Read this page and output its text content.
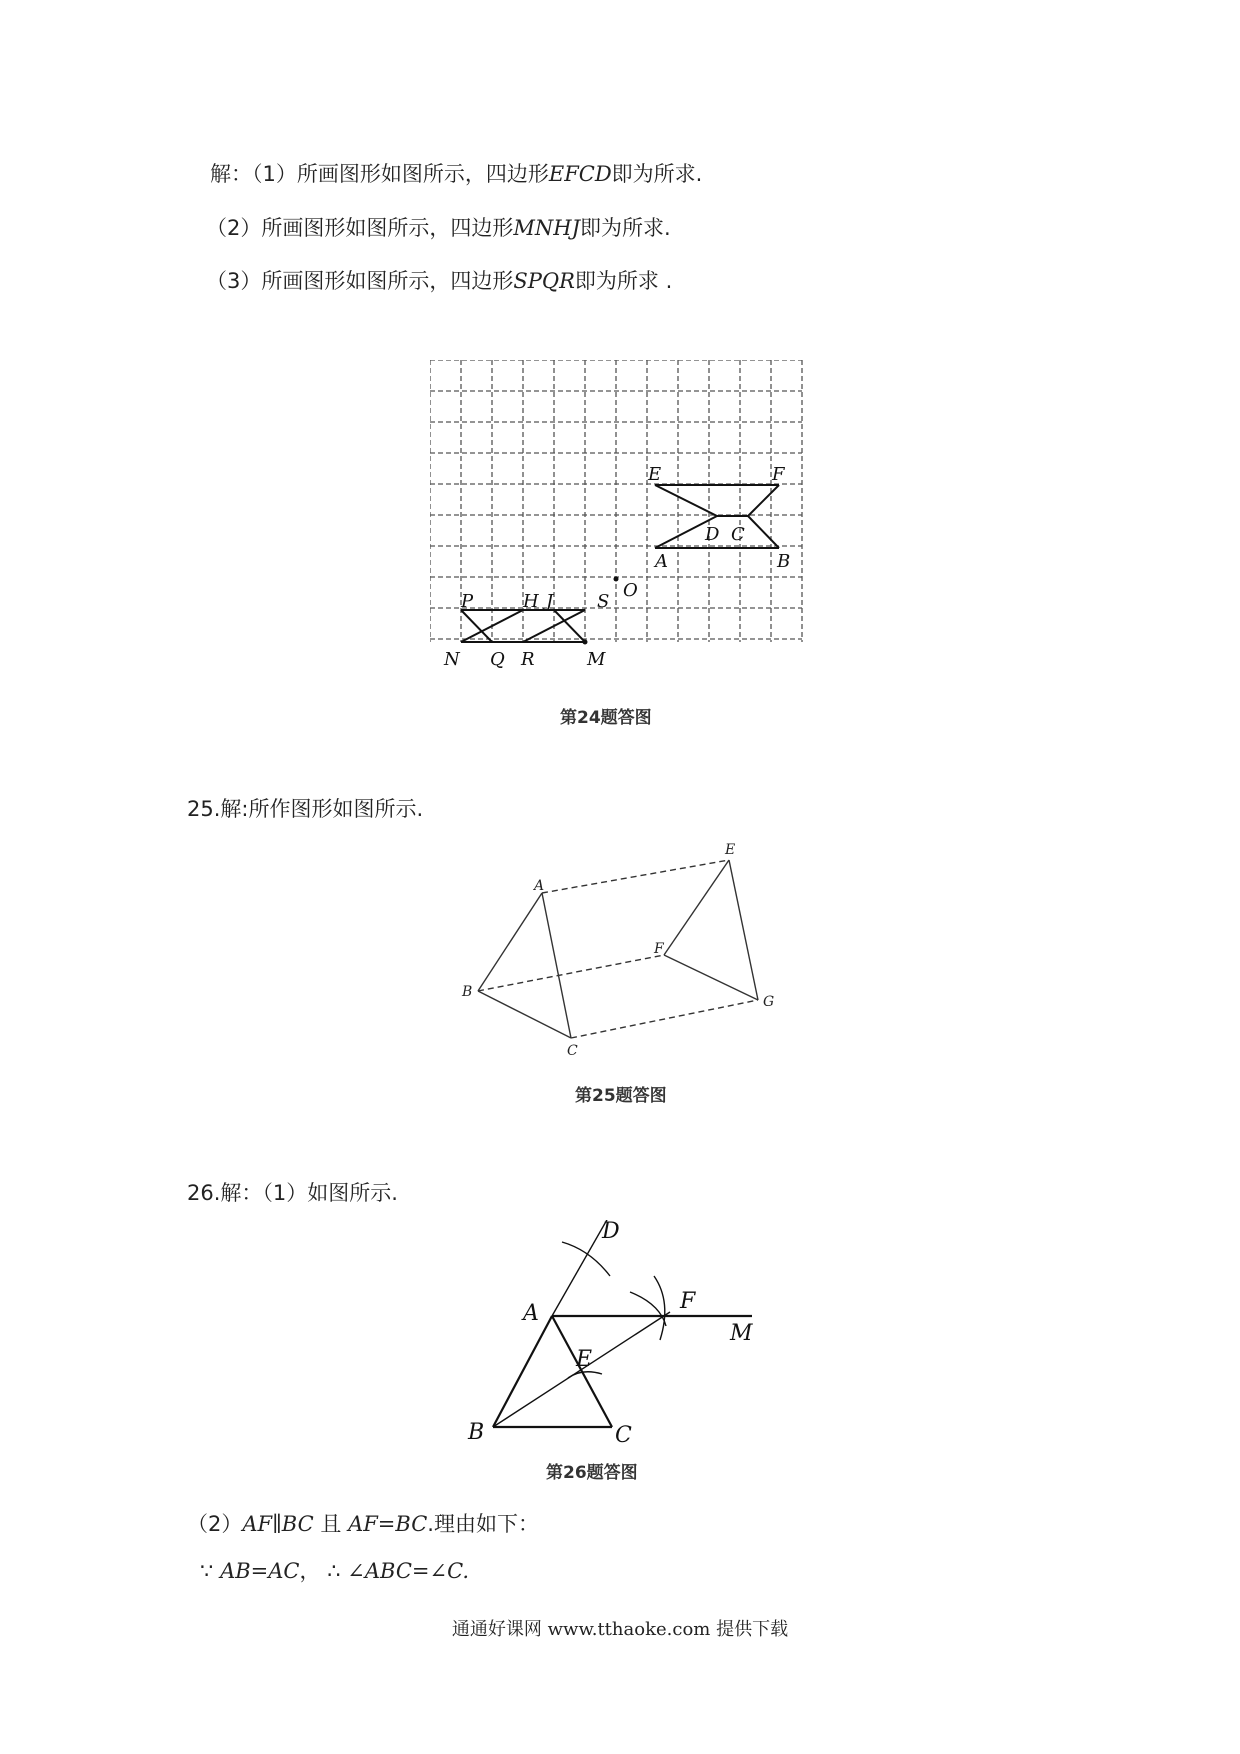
解：（1）所画图形如图所示，四边形EFCD即为所求.
（2）所画图形如图所示，四边形MNHJ即为所求.
（3）所画图形如图所示，四边形SPQR即为所求 .
E	F
D C
A	B
O
P	H J S
N Q R	M
第24题答图
25.解:所作图形如图所示.
A
B
C
E
F
G
第25题答图
26.解：（1）如图所示.
D
A	F
M
E
B	C
第26题答图
（2）AF∥BC 且 AF=BC.理由如下：
∵ AB=AC， ∴ ∠ABC=∠C.
通通好课网 www.tthaoke.com 提供下载
